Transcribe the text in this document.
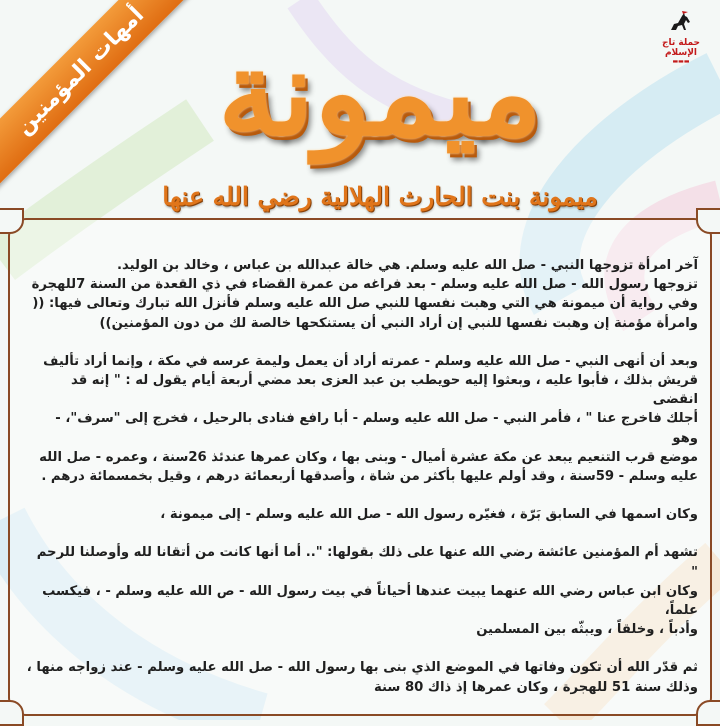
أمهات المؤمنين	حملة تاج الإسلام
▬▬▬
ميمونة
ميمونة بنت الحارث الهلالية رضي الله عنها

آخر امرأة تزوجها النبي - صل الله عليه وسلم. هي خالة عبدالله بن عباس ، وخالد بن الوليد.
تزوجها رسول الله - صل الله عليه وسلم - بعد فراغه من عمرة القضاء في ذي القعدة من السنة 7للهجرة
وفي رواية أن ميمونة هي التي وهبت نفسها للنبي صل الله عليه وسلم فأنزل الله تبارك وتعالى فيها: ((
وامرأة مؤمنة إن وهبت نفسها للنبي إن أراد النبي أن يستنكحها خالصة لك من دون المؤمنين))

وبعد أن أنهى النبي - صل الله عليه وسلم - عمرته أراد أن يعمل وليمة عرسه في مكة ، وإنما أراد تأليف
قريش بذلك ، فأبوا عليه ، وبعثوا إليه حويطب بن عبد العزى بعد مضي أربعة أيام يقول له : " إنه قد انقضى
أجلك فاخرج عنا " ، فأمر النبي - صل الله عليه وسلم - أبا رافع فنادى بالرحيل ، فخرج إلى "سرف"، - وهو
موضع قرب التنعيم يبعد عن مكة عشرة أميال - وبنى بها ، وكان عمرها عندئذ 26سنة ، وعمره - صل الله
عليه وسلم - 59سنة ، وقد أولم عليها بأكثر من شاة ، وأصدقها أربعمائة درهم ، وقيل بخمسمائة درهم .

وكان اسمها في السابق بَرّة ، فغيّره رسول الله - صل الله عليه وسلم - إلى ميمونة ،

تشهد أم المؤمنين عائشة رضي الله عنها على ذلك بقولها: ".. أما أنها كانت من أتقانا لله وأوصلنا للرحم "
وكان ابن عباس رضي الله عنهما يبيت عندها أحياناً في بيت رسول الله - ص الله عليه وسلم - ، فيكسب علماً،
وأدباً ، وخلقاً ، ويبثّه بين المسلمين

ثم قدّر الله أن تكون وفاتها في الموضع الذي بنى بها رسول الله - صل الله عليه وسلم - عند زواجه منها ،
وذلك سنة 51 للهجرة ، وكان عمرها إذ ذاك 80 سنة
